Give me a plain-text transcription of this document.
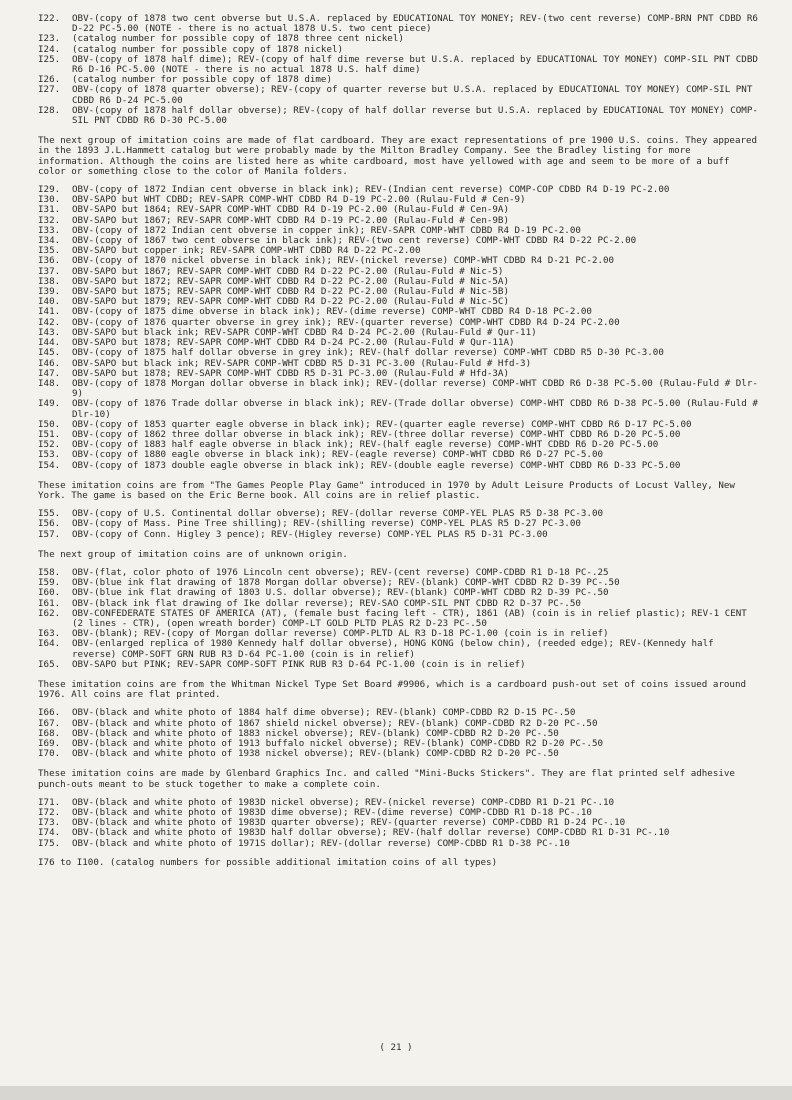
I22.	OBV-(copy of 1878 two cent obverse but U.S.A. replaced by EDUCATIONAL TOY MONEY; REV-(two cent reverse) COMP-BRN PNT CDBD R6 D-22 PC-5.00 (NOTE - there is no actual 1878 U.S. two cent piece)
I23.	(catalog number for possible copy of 1878 three cent nickel)
I24.	(catalog number for possible copy of 1878 nickel)
I25.	OBV-(copy of 1878 half dime); REV-(copy of half dime reverse but U.S.A. replaced by EDUCATIONAL TOY MONEY) COMP-SIL PNT CDBD R6 D-16 PC-5.00 (NOTE - there is no actual 1878 U.S. half dime)
I26.	(catalog number for possible copy of 1878 dime)
I27.	OBV-(copy of 1878 quarter obverse); REV-(copy of quarter reverse but U.S.A. replaced by EDUCATIONAL TOY MONEY) COMP-SIL PNT CDBD R6 D-24 PC-5.00
I28.	OBV-(copy of 1878 half dollar obverse); REV-(copy of half dollar reverse but U.S.A. replaced by EDUCATIONAL TOY MONEY) COMP-SIL PNT CDBD R6 D-30 PC-5.00
The next group of imitation coins are made of flat cardboard. They are exact representations of pre 1900 U.S. coins. They appeared in the 1893 J.L.Hammett catalog but were probably made by the Milton Bradley Company. See the Bradley listing for more information. Although the coins are listed here as white cardboard, most have yellowed with age and seem to be more of a buff color or something close to the color of Manila folders.
I29.	OBV-(copy of 1872 Indian cent obverse in black ink); REV-(Indian cent reverse) COMP-COP CDBD R4 D-19 PC-2.00
I30.	OBV-SAPO but WHT CDBD; REV-SAPR COMP-WHT CDBD R4 D-19 PC-2.00 (Rulau-Fuld # Cen-9)
I31.	OBV-SAPO but 1864; REV-SAPR COMP-WHT CDBD R4 D-19 PC-2.00 (Rulau-Fuld # Cen-9A)
I32.	OBV-SAPO but 1867; REV-SAPR COMP-WHT CDBD R4 D-19 PC-2.00 (Rulau-Fuld # Cen-9B)
I33.	OBV-(copy of 1872 Indian cent obverse in copper ink); REV-SAPR COMP-WHT CDBD R4 D-19 PC-2.00
I34.	OBV-(copy of 1867 two cent obverse in black ink); REV-(two cent reverse) COMP-WHT CDBD R4 D-22 PC-2.00
I35.	OBV-SAPO but copper ink; REV-SAPR COMP-WHT CDBD R4 D-22 PC-2.00
I36.	OBV-(copy of 1870 nickel obverse in black ink); REV-(nickel reverse) COMP-WHT CDBD R4 D-21 PC-2.00
I37.	OBV-SAPO but 1867; REV-SAPR COMP-WHT CDBD R4 D-22 PC-2.00 (Rulau-Fuld # Nic-5)
I38.	OBV-SAPO but 1872; REV-SAPR COMP-WHT CDBD R4 D-22 PC-2.00 (Rulau-Fuld # Nic-5A)
I39.	OBV-SAPO but 1875; REV-SAPR COMP-WHT CDBD R4 D-22 PC-2.00 (Rulau-Fuld # Nic-5B)
I40.	OBV-SAPO but 1879; REV-SAPR COMP-WHT CDBD R4 D-22 PC-2.00 (Rulau-Fuld # Nic-5C)
I41.	OBV-(copy of 1875 dime obverse in black ink); REV-(dime reverse) COMP-WHT CDBD R4 D-18 PC-2.00
I42.	OBV-(copy of 1876 quarter obverse in grey ink); REV-(quarter reverse) COMP-WHT CDBD R4 D-24 PC-2.00
I43.	OBV-SAPO but black ink; REV-SAPR COMP-WHT CDBD R4 D-24 PC-2.00 (Rulau-Fuld # Qur-11)
I44.	OBV-SAPO but 1878; REV-SAPR COMP-WHT CDBD R4 D-24 PC-2.00 (Rulau-Fuld # Qur-11A)
I45.	OBV-(copy of 1875 half dollar obverse in grey ink); REV-(half dollar reverse) COMP-WHT CDBD R5 D-30 PC-3.00
I46.	OBV-SAPO but black ink; REV-SAPR COMP-WHT CDBD R5 D-31 PC-3.00 (Rulau-Fuld # Hfd-3)
I47.	OBV-SAPO but 1878; REV-SAPR COMP-WHT CDBD R5 D-31 PC-3.00 (Rulau-Fuld # Hfd-3A)
I48.	OBV-(copy of 1878 Morgan dollar obverse in black ink); REV-(dollar reverse) COMP-WHT CDBD R6 D-38 PC-5.00 (Rulau-Fuld # Dlr-9)
I49.	OBV-(copy of 1876 Trade dollar obverse in black ink); REV-(Trade dollar obverse) COMP-WHT CDBD R6 D-38 PC-5.00 (Rulau-Fuld # Dlr-10)
I50.	OBV-(copy of 1853 quarter eagle obverse in black ink); REV-(quarter eagle reverse) COMP-WHT CDBD R6 D-17 PC-5.00
I51.	OBV-(copy of 1862 three dollar obverse in black ink); REV-(three dollar reverse) COMP-WHT CDBD R6 D-20 PC-5.00
I52.	OBV-(copy of 1883 half eagle obverse in black ink); REV-(half eagle reverse) COMP-WHT CDBD R6 D-20 PC-5.00
I53.	OBV-(copy of 1880 eagle obverse in black ink); REV-(eagle reverse) COMP-WHT CDBD R6 D-27 PC-5.00
I54.	OBV-(copy of 1873 double eagle obverse in black ink); REV-(double eagle reverse) COMP-WHT CDBD R6 D-33 PC-5.00
These imitation coins are from "The Games People Play Game" introduced in 1970 by Adult Leisure Products of Locust Valley, New York. The game is based on the Eric Berne book. All coins are in relief plastic.
I55.	OBV-(copy of U.S. Continental dollar obverse); REV-(dollar reverse COMP-YEL PLAS R5 D-38 PC-3.00
I56.	OBV-(copy of Mass. Pine Tree shilling); REV-(shilling reverse) COMP-YEL PLAS R5 D-27 PC-3.00
I57.	OBV-(copy of Conn. Higley 3 pence); REV-(Higley reverse) COMP-YEL PLAS R5 D-31 PC-3.00
The next group of imitation coins are of unknown origin.
I58.	OBV-(flat, color photo of 1976 Lincoln cent obverse); REV-(cent reverse) COMP-CDBD R1 D-18 PC-.25
I59.	OBV-(blue ink flat drawing of 1878 Morgan dollar obverse); REV-(blank) COMP-WHT CDBD R2 D-39 PC-.50
I60.	OBV-(blue ink flat drawing of 1803 U.S. dollar obverse); REV-(blank) COMP-WHT CDBD R2 D-39 PC-.50
I61.	OBV-(black ink flat drawing of Ike dollar reverse); REV-SAO COMP-SIL PNT CDBD R2 D-37 PC-.50
I62.	OBV-CONFEDERATE STATES OF AMERICA (AT), (female bust facing left - CTR), 1861 (AB) (coin is in relief plastic); REV-1 CENT (2 lines - CTR), (open wreath border) COMP-LT GOLD PLTD PLAS R2 D-23 PC-.50
I63.	OBV-(blank); REV-(copy of Morgan dollar reverse) COMP-PLTD AL R3 D-18 PC-1.00 (coin is in relief)
I64.	OBV-(enlarged replica of 1980 Kennedy half dollar obverse), HONG KONG (below chin), (reeded edge); REV-(Kennedy half reverse) COMP-SOFT GRN RUB R3 D-64 PC-1.00 (coin is in relief)
I65.	OBV-SAPO but PINK; REV-SAPR COMP-SOFT PINK RUB R3 D-64 PC-1.00 (coin is in relief)
These imitation coins are from the Whitman Nickel Type Set Board #9906, which is a cardboard push-out set of coins issued around 1976. All coins are flat printed.
I66.	OBV-(black and white photo of 1884 half dime obverse); REV-(blank) COMP-CDBD R2 D-15 PC-.50
I67.	OBV-(black and white photo of 1867 shield nickel obverse); REV-(blank) COMP-CDBD R2 D-20 PC-.50
I68.	OBV-(black and white photo of 1883 nickel obverse); REV-(blank) COMP-CDBD R2 D-20 PC-.50
I69.	OBV-(black and white photo of 1913 buffalo nickel obverse); REV-(blank) COMP-CDBD R2 D-20 PC-.50
I70.	OBV-(black and white photo of 1938 nickel obverse); REV-(blank) COMP-CDBD R2 D-20 PC-.50
These imitation coins are made by Glenbard Graphics Inc. and called "Mini-Bucks Stickers". They are flat printed self adhesive punch-outs meant to be stuck together to make a complete coin.
I71.	OBV-(black and white photo of 1983D nickel obverse); REV-(nickel reverse) COMP-CDBD R1 D-21 PC-.10
I72.	OBV-(black and white photo of 1983D dime obverse); REV-(dime reverse) COMP-CDBD R1 D-18 PC-.10
I73.	OBV-(black and white photo of 1983D quarter obverse); REV-(quarter reverse) COMP-CDBD R1 D-24 PC-.10
I74.	OBV-(black and white photo of 1983D half dollar obverse); REV-(half dollar reverse) COMP-CDBD R1 D-31 PC-.10
I75.	OBV-(black and white photo of 1971S dollar); REV-(dollar reverse) COMP-CDBD R1 D-38 PC-.10
I76 to I100. (catalog numbers for possible additional imitation coins of all types)
( 21 )
